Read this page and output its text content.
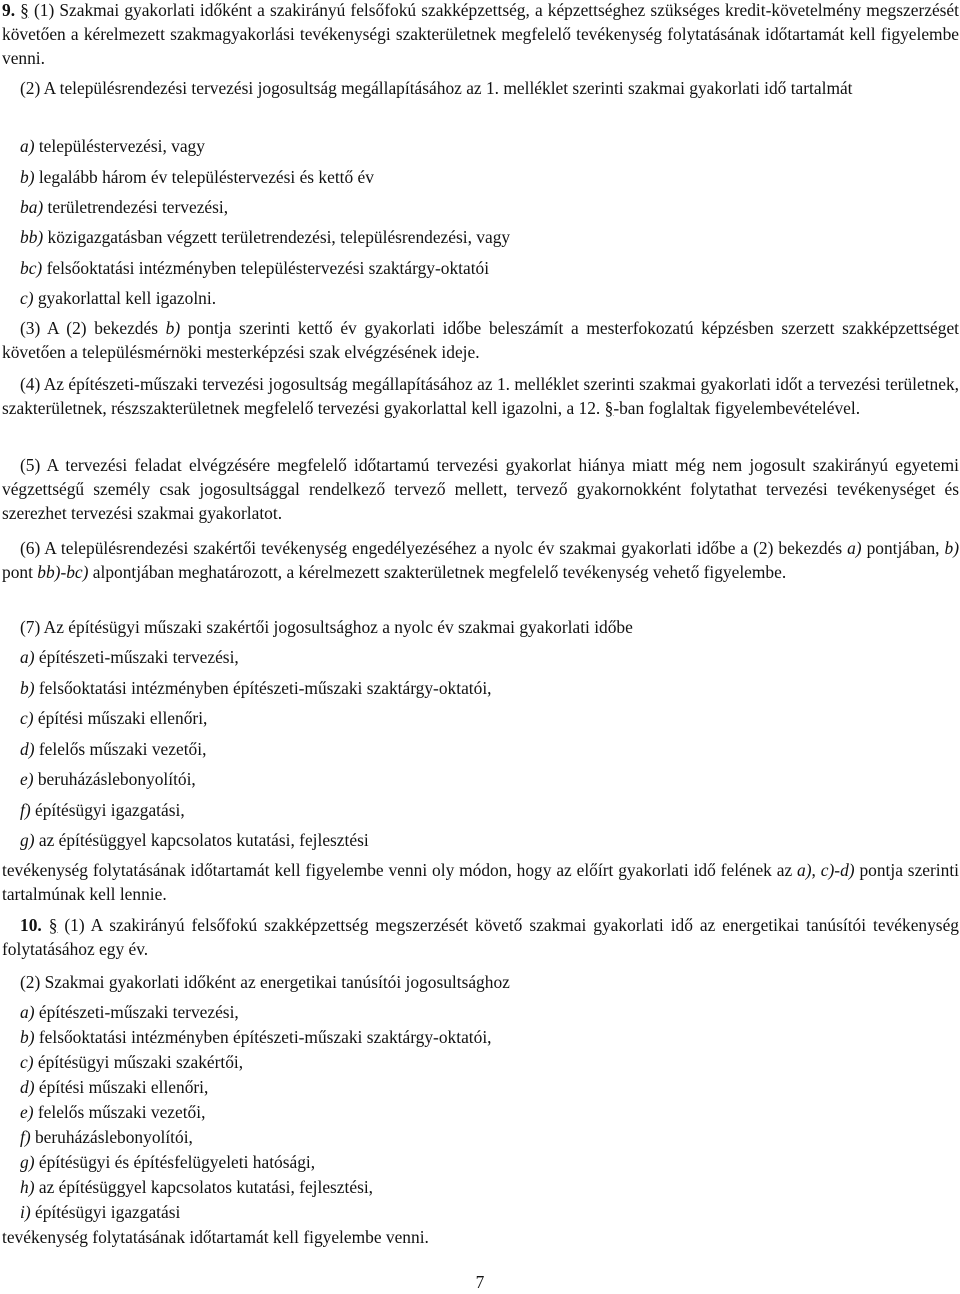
9. § (1) Szakmai gyakorlati időként a szakirányú felsőfokú szakképzettség, a képzettséghez szükséges kredit-követelmény megszerzését követően a kérelmezett szakmagyakorlási tevékenységi szakterületnek megfelelő tevékenység folytatásának időtartamát kell figyelembe venni.

(2) A településrendezési tervezési jogosultság megállapításához az 1. melléklet szerinti szakmai gyakorlati idő tartalmát

a) településtervezési, vagy

b) legalább három év településtervezési és kettő év

ba) területrendezési tervezési,

bb) közigazgatásban végzett területrendezési, településrendezési, vagy

bc) felsőoktatási intézményben településtervezési szaktárgy-oktatói

c) gyakorlattal kell igazolni.

(3) A (2) bekezdés b) pontja szerinti kettő év gyakorlati időbe beleszámít a mesterfokozatú képzésben szerzett szakképzettséget követően a településmérnöki mesterképzési szak elvégzésének ideje.

(4) Az építészeti-műszaki tervezési jogosultság megállapításához az 1. melléklet szerinti szakmai gyakorlati időt a tervezési területnek, szakterületnek, részszakterületnek megfelelő tervezési gyakorlattal kell igazolni, a 12. §-ban foglaltak figyelembevételével.

(5) A tervezési feladat elvégzésére megfelelő időtartamú tervezési gyakorlat hiánya miatt még nem jogosult szakirányú egyetemi végzettségű személy csak jogosultsággal rendelkező tervező mellett, tervező gyakornokként folytathat tervezési tevékenységet és szerezhet tervezési szakmai gyakorlatot.

(6) A településrendezési szakértői tevékenység engedélyezéséhez a nyolc év szakmai gyakorlati időbe a (2) bekezdés a) pontjában, b) pont bb)-bc) alpontjában meghatározott, a kérelmezett szakterületnek megfelelő tevékenység vehető figyelembe.

(7) Az építésügyi műszaki szakértői jogosultsághoz a nyolc év szakmai gyakorlati időbe

a) építészeti-műszaki tervezési,

b) felsőoktatási intézményben építészeti-műszaki szaktárgy-oktatói,

c) építési műszaki ellenőri,

d) felelős műszaki vezetői,

e) beruházáslebonyolítói,

f) építésügyi igazgatási,

g) az építésüggyel kapcsolatos kutatási, fejlesztési

tevékenység folytatásának időtartamát kell figyelembe venni oly módon, hogy az előírt gyakorlati idő felének az a), c)-d) pontja szerinti tartalmúnak kell lennie.

10. § (1) A szakirányú felsőfokú szakképzettség megszerzését követő szakmai gyakorlati idő az energetikai tanúsítói tevékenység folytatásához egy év.

(2) Szakmai gyakorlati időként az energetikai tanúsítói jogosultsághoz

a) építészeti-műszaki tervezési,

b) felsőoktatási intézményben építészeti-műszaki szaktárgy-oktatói,

c) építésügyi műszaki szakértői,

d) építési műszaki ellenőri,

e) felelős műszaki vezetői,

f) beruházáslebonyolítói,

g) építésügyi és építésfelügyeleti hatósági,

h) az építésüggyel kapcsolatos kutatási, fejlesztési,

i) építésügyi igazgatási

tevékenység folytatásának időtartamát kell figyelembe venni.

7
